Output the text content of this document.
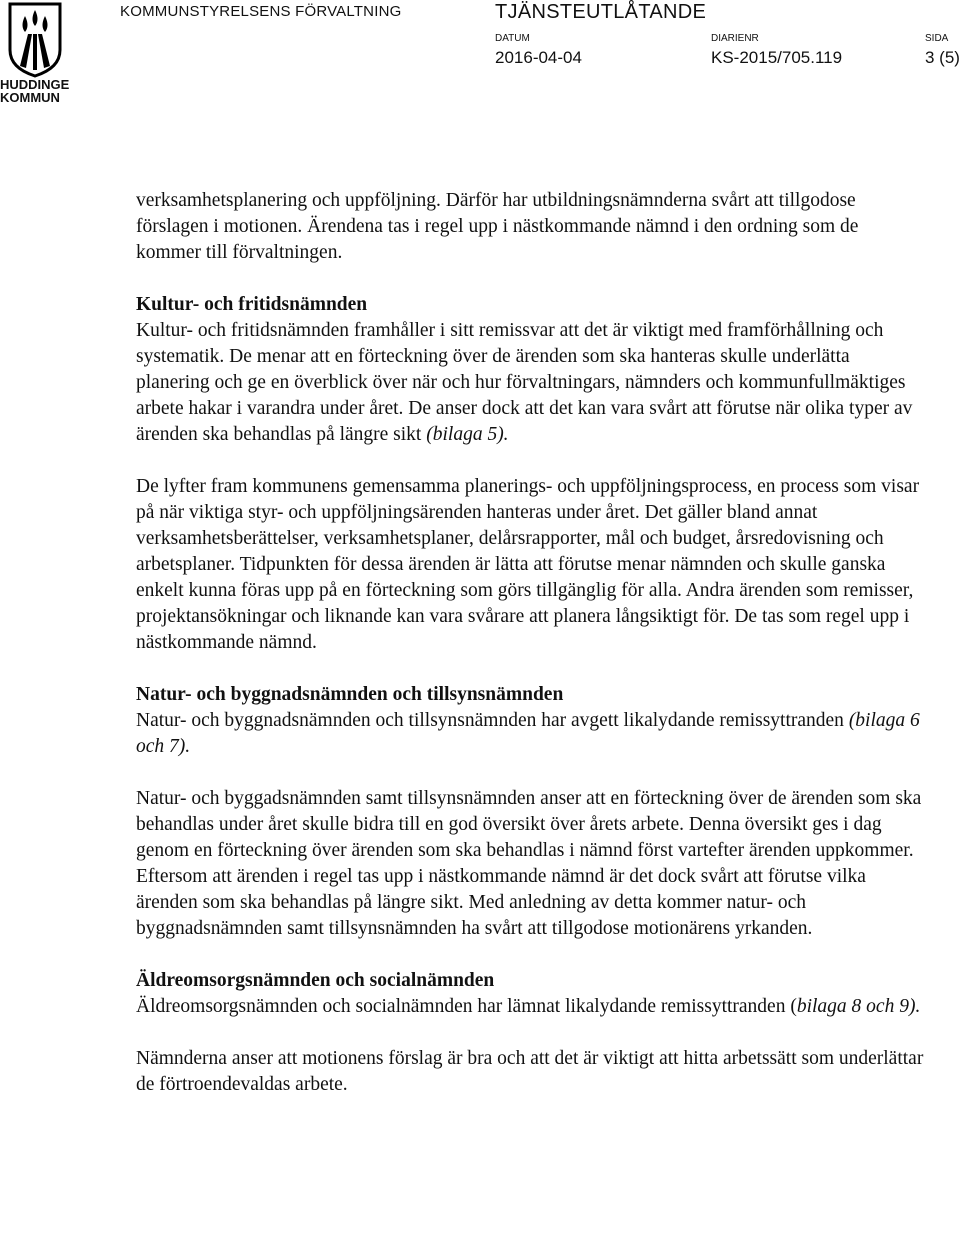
HUDDINGE
KOMMUN
KOMMUNSTYRELSENS FÖRVALTNING	TJÄNSTEUTLÅTANDE
DATUM
2016-04-04
DIARIENR
KS-2015/705.119
SIDA
3 (5)

verksamhetsplanering och uppföljning. Därför har utbildningsnämnderna svårt att tillgodose förslagen i motionen. Ärendena tas i regel upp i nästkommande nämnd i den ordning som de kommer till förvaltningen.

Kultur- och fritidsnämnden

Kultur- och fritidsnämnden framhåller i sitt remissvar att det är viktigt med framförhållning och systematik. De menar att en förteckning över de ärenden som ska hanteras skulle underlätta planering och ge en överblick över när och hur förvaltningars, nämnders och kommunfullmäktiges arbete hakar i varandra under året. De anser dock att det kan vara svårt att förutse när olika typer av ärenden ska behandlas på längre sikt (bilaga 5).

De lyfter fram kommunens gemensamma planerings- och uppföljningsprocess, en process som visar på när viktiga styr- och uppföljningsärenden hanteras under året. Det gäller bland annat verksamhetsberättelser, verksamhetsplaner, delårsrapporter, mål och budget, årsredovisning och arbetsplaner. Tidpunkten för dessa ärenden är lätta att förutse menar nämnden och skulle ganska enkelt kunna föras upp på en förteckning som görs tillgänglig för alla. Andra ärenden som remisser, projektansökningar och liknande kan vara svårare att planera långsiktigt för. De tas som regel upp i nästkommande nämnd.

Natur- och byggnadsnämnden och tillsynsnämnden

Natur- och byggnadsnämnden och tillsynsnämnden har avgett likalydande remissyttranden (bilaga 6 och 7).

Natur- och byggadsnämnden samt tillsynsnämnden anser att en förteckning över de ärenden som ska behandlas under året skulle bidra till en god översikt över årets arbete. Denna översikt ges i dag genom en förteckning över ärenden som ska behandlas i nämnd först vartefter ärenden uppkommer. Eftersom att ärenden i regel tas upp i nästkommande nämnd är det dock svårt att förutse vilka ärenden som ska behandlas på längre sikt. Med anledning av detta kommer natur- och byggnadsnämnden samt tillsynsnämnden ha svårt att tillgodose motionärens yrkanden.

Äldreomsorgsnämnden och socialnämnden

Äldreomsorgsnämnden och socialnämnden har lämnat likalydande remissyttranden (bilaga 8 och 9).

Nämnderna anser att motionens förslag är bra och att det är viktigt att hitta arbetssätt som underlättar de förtroendevaldas arbete.
